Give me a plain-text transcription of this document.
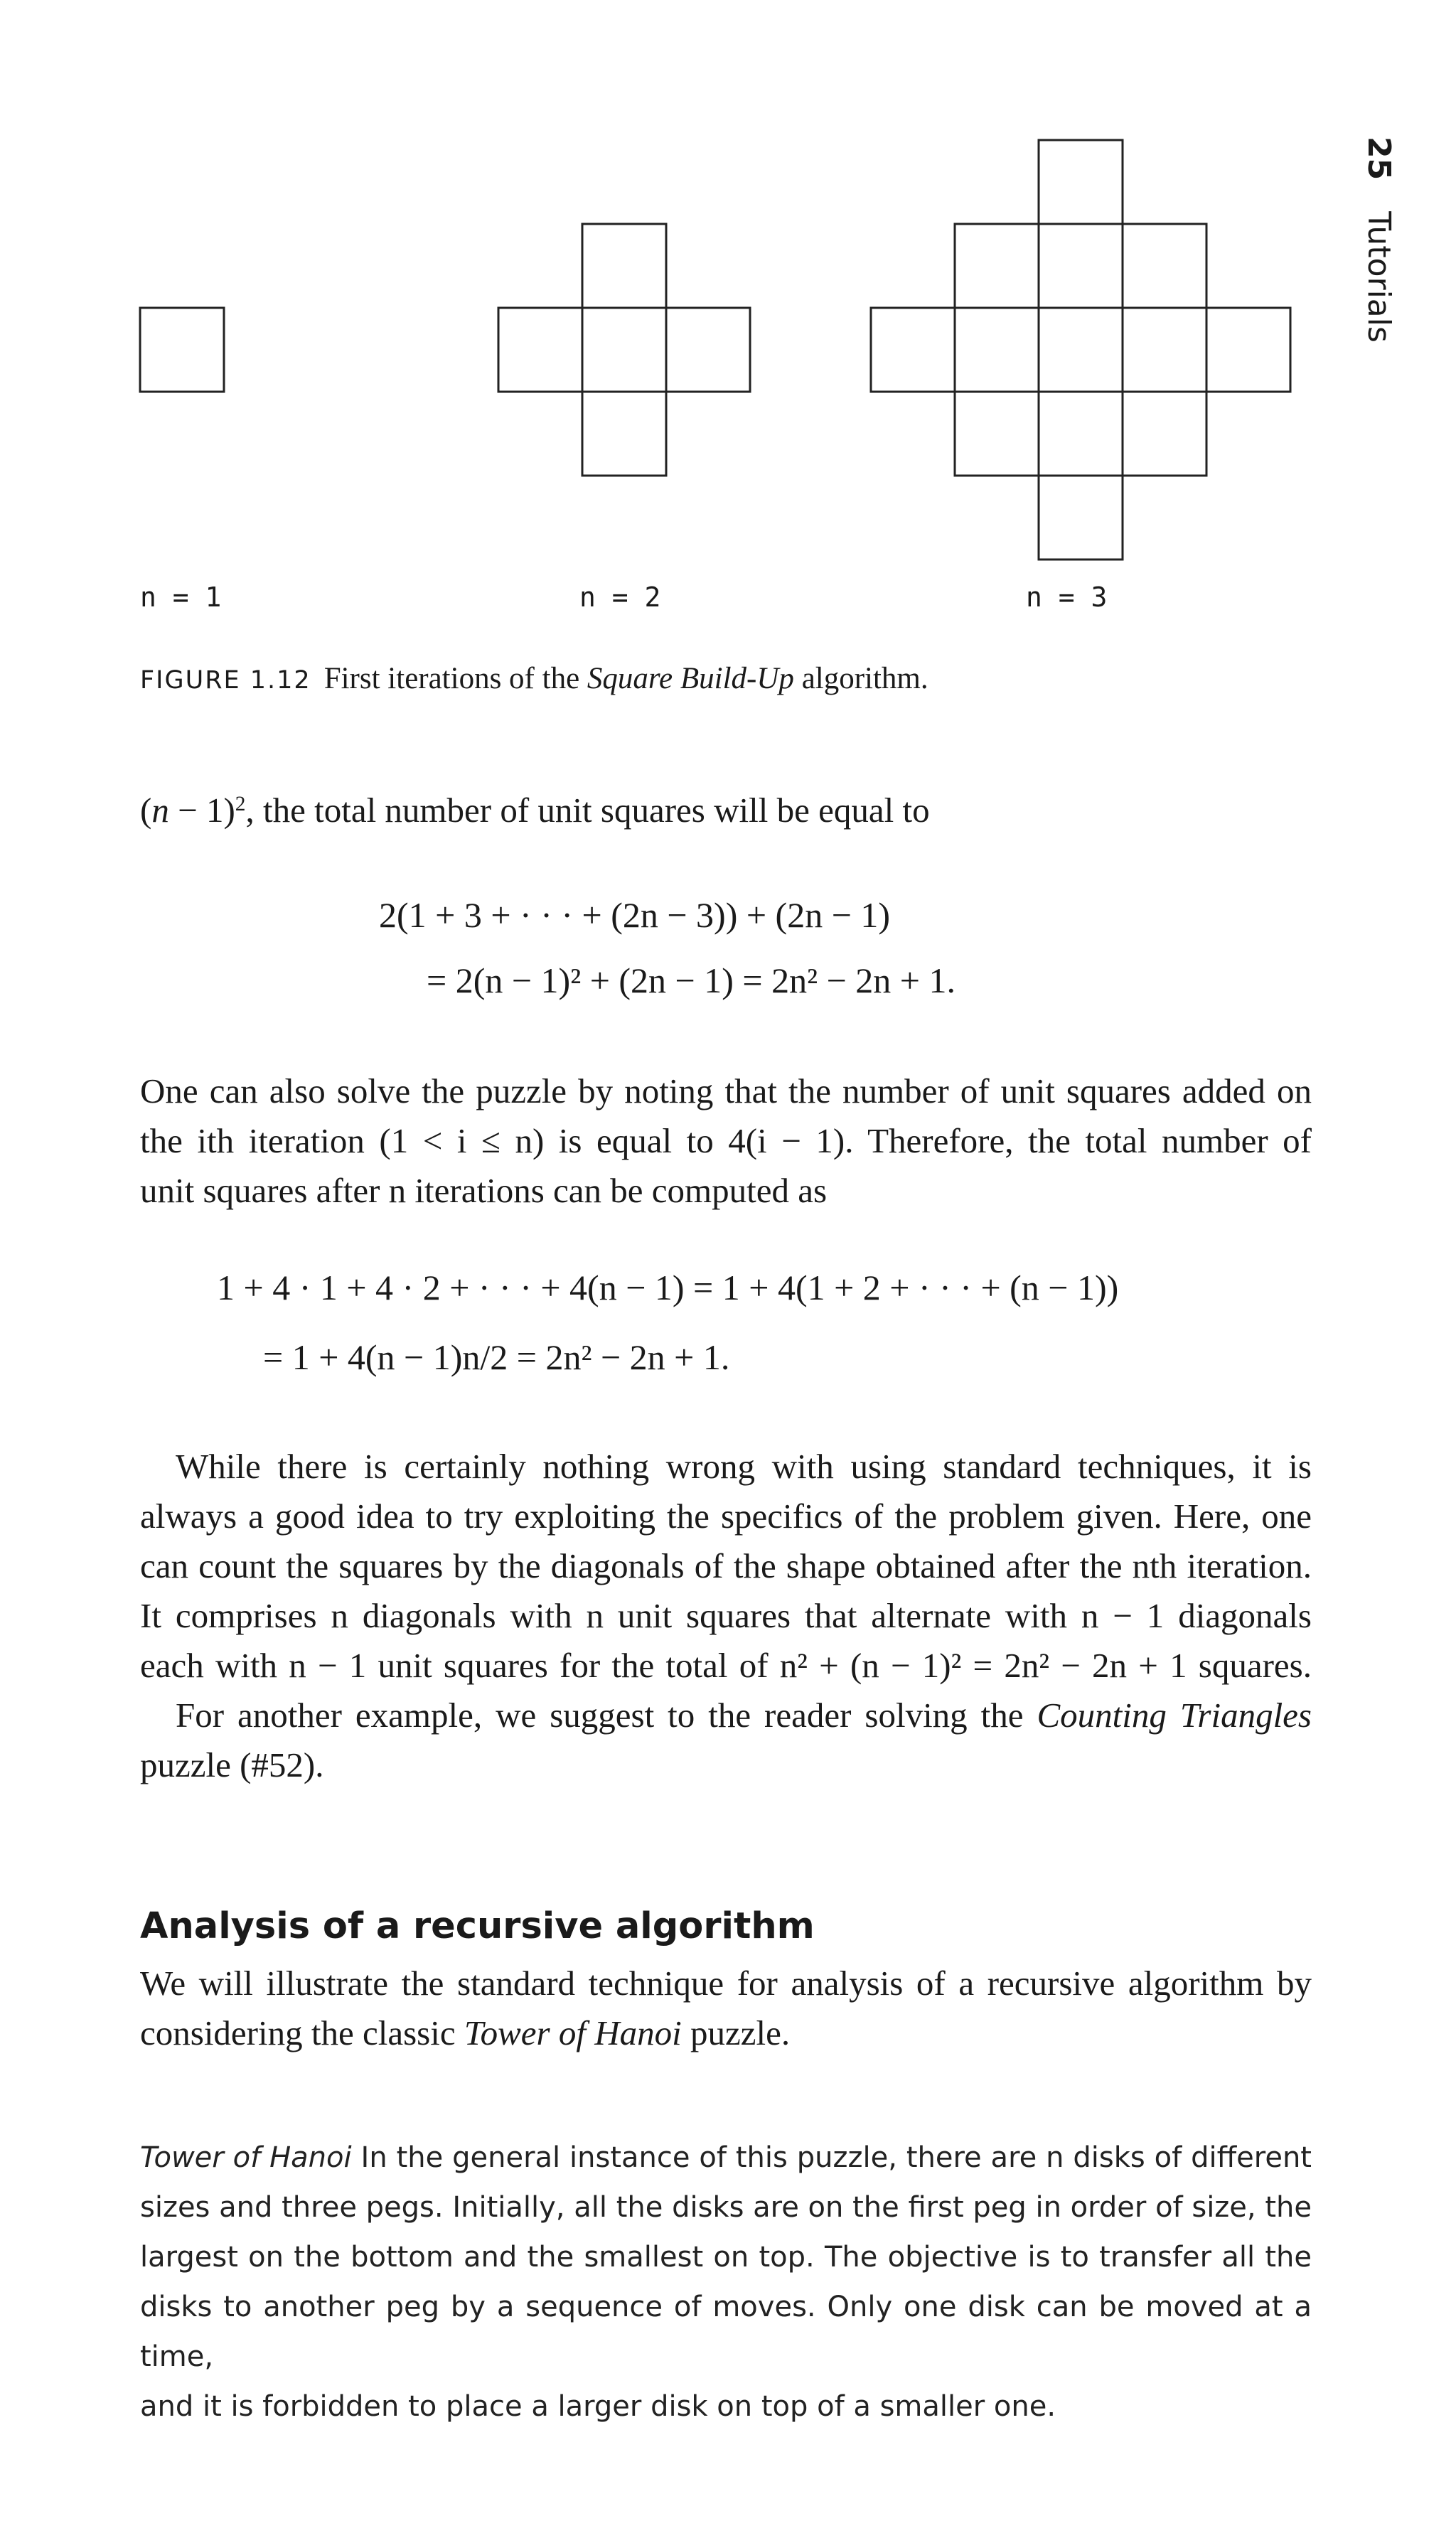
25Tutorials
n = 1	n = 2	n = 3
FIGURE 1.12 First iterations of the Square Build-Up algorithm.
$(n - 1)^2$, the total number of unit squares will be equal to
2(1 + 3 + · · · + (2n − 3)) + (2n − 1)
= 2(n − 1)² + (2n − 1) = 2n² − 2n + 1.
One can also solve the puzzle by noting that the number of unit squares added on
the ith iteration (1 < i ≤ n) is equal to 4(i − 1). Therefore, the total number of
unit squares after n iterations can be computed as
1 + 4 · 1 + 4 · 2 + · · · + 4(n − 1) = 1 + 4(1 + 2 + · · · + (n − 1))
= 1 + 4(n − 1)n/2 = 2n² − 2n + 1.
While there is certainly nothing wrong with using standard techniques, it is
always a good idea to try exploiting the specifics of the problem given. Here, one
can count the squares by the diagonals of the shape obtained after the nth iteration.
It comprises n diagonals with n unit squares that alternate with n − 1 diagonals
each with n − 1 unit squares for the total of n² + (n − 1)² = 2n² − 2n + 1 squares.
For another example, we suggest to the reader solving the Counting Triangles
puzzle (#52).
Analysis of a recursive algorithm
We will illustrate the standard technique for analysis of a recursive algorithm by
considering the classic Tower of Hanoi puzzle.
Tower of Hanoi In the general instance of this puzzle, there are n disks of different
sizes and three pegs. Initially, all the disks are on the first peg in order of size, the
largest on the bottom and the smallest on top. The objective is to transfer all the
disks to another peg by a sequence of moves. Only one disk can be moved at a time,
and it is forbidden to place a larger disk on top of a smaller one.
